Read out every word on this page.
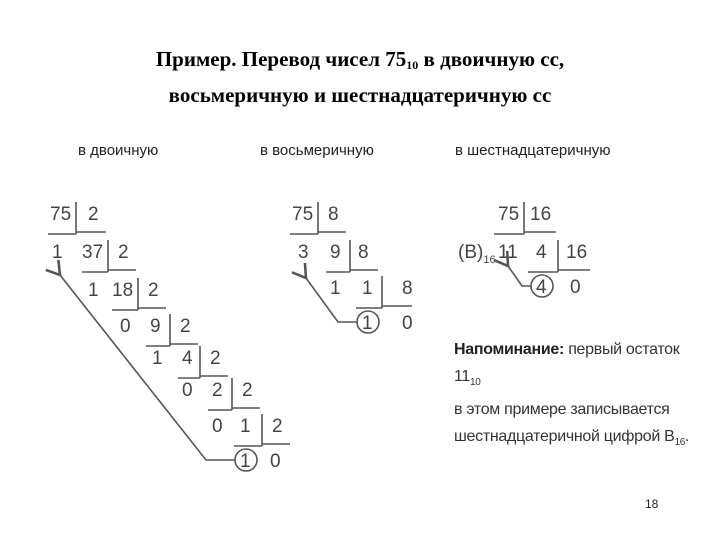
Пример. Перевод чисел $75_{10}$ в двоичную сс,
восьмеричную и шестнадцатеричную сс
в двоичную	в восьмеричную	в шестнадцатеричную
75 2
1 37 2
1 18 2
0 9 2
1 4 2
0 2 2
0 1 2
1 0
75 8
3 9 8
1 1 8
1 0
75 16
$(B)_{16}$ 11 4 16
4 0
Напоминание: первый остаток $11_{10}$
в этом примере записывается
шестнадцатеричной цифрой $B_{16}$.
18
